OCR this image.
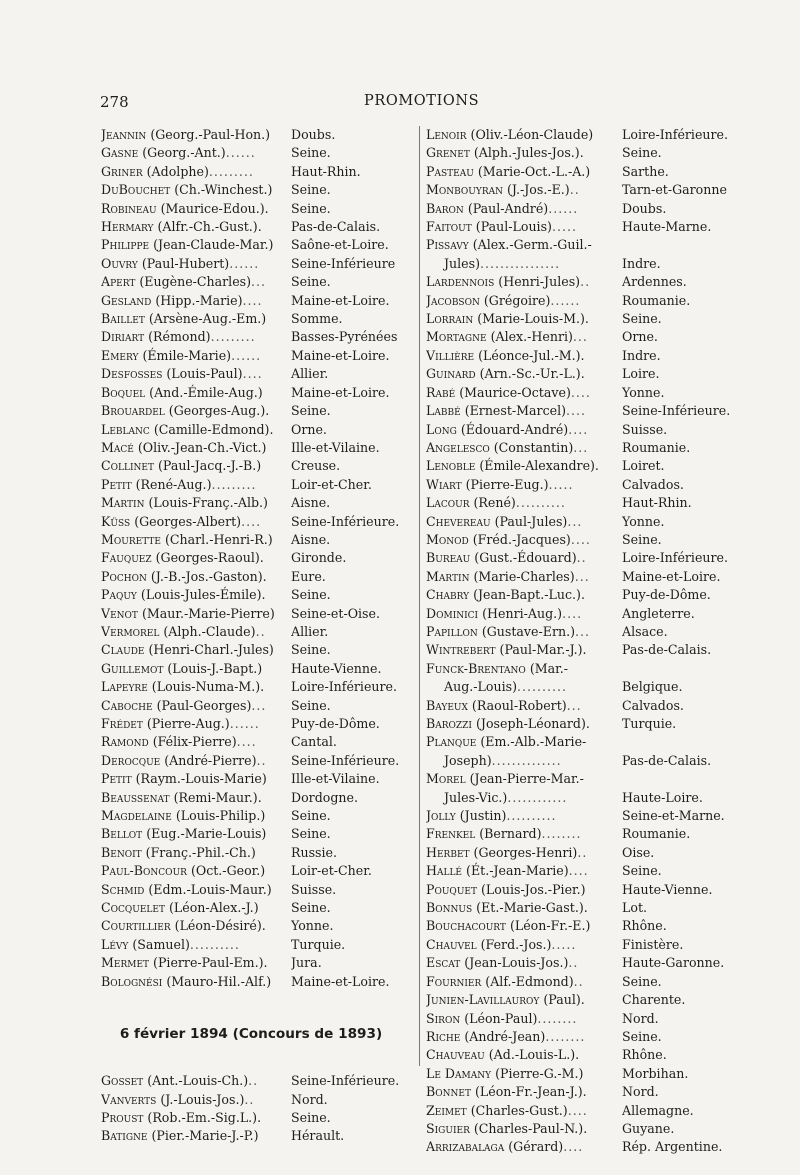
278	PROMOTIONS
Jeannin (Georg.-Paul-Hon.)	Doubs.
Gasne (Georg.-Ant.)......	Seine.
Griner (Adolphe).........	Haut-Rhin.
DuBouchet (Ch.-Winchest.)	Seine.
Robineau (Maurice-Edou.).	Seine.
Hermary (Alfr.-Ch.-Gust.).	Pas-de-Calais.
Philippe (Jean-Claude-Mar.)	Saône-et-Loire.
Ouvry (Paul-Hubert)......	Seine-Inférieure
Apert (Eugène-Charles)...	Seine.
Gesland (Hipp.-Marie)....	Maine-et-Loire.
Baillet (Arsène-Aug.-Em.)	Somme.
Diriart (Rémond).........	Basses-Pyrénées
Emery (Émile-Marie)......	Maine-et-Loire.
Desfosses (Louis-Paul)....	Allier.
Boquel (And.-Émile-Aug.)	Maine-et-Loire.
Brouardel (Georges-Aug.).	Seine.
Leblanc (Camille-Edmond).	Orne.
Macé (Oliv.-Jean-Ch.-Vict.)	Ille-et-Vilaine.
Collinet (Paul-Jacq.-J.-B.)	Creuse.
Petit (René-Aug.).........	Loir-et-Cher.
Martin (Louis-Franç.-Alb.)	Aisne.
Küss (Georges-Albert)....	Seine-Inférieure.
Mourette (Charl.-Henri-R.)	Aisne.
Fauquez (Georges-Raoul).	Gironde.
Pochon (J.-B.-Jos.-Gaston).	Eure.
Paquy (Louis-Jules-Émile).	Seine.
Venot (Maur.-Marie-Pierre)	Seine-et-Oise.
Vermorel (Alph.-Claude)..	Allier.
Claude (Henri-Charl.-Jules)	Seine.
Guillemot (Louis-J.-Bapt.)	Haute-Vienne.
Lapeyre (Louis-Numa-M.).	Loire-Inférieure.
Caboche (Paul-Georges)...	Seine.
Frédet (Pierre-Aug.)......	Puy-de-Dôme.
Ramond (Félix-Pierre)....	Cantal.
Derocque (André-Pierre)..	Seine-Inférieure.
Petit (Raym.-Louis-Marie)	Ille-et-Vilaine.
Beaussenat (Remi-Maur.).	Dordogne.
Magdelaine (Louis-Philip.)	Seine.
Bellot (Eug.-Marie-Louis)	Seine.
Benoit (Franç.-Phil.-Ch.)	Russie.
Paul-Boncour (Oct.-Geor.)	Loir-et-Cher.
Schmid (Edm.-Louis-Maur.)	Suisse.
Cocquelet (Léon-Alex.-J.)	Seine.
Courtillier (Léon-Désiré).	Yonne.
Lévy (Samuel)..........	Turquie.
Mermet (Pierre-Paul-Em.).	Jura.
Bolognési (Mauro-Hil.-Alf.)	Maine-et-Loire.
6 février 1894 (Concours de 1893)
Gosset (Ant.-Louis-Ch.)..	Seine-Inférieure.
Vanverts (J.-Louis-Jos.)..	Nord.
Proust (Rob.-Em.-Sig.L.).	Seine.
Batigne (Pier.-Marie-J.-P.)	Hérault.
Lenoir (Oliv.-Léon-Claude)	Loire-Inférieure.
Grenet (Alph.-Jules-Jos.).	Seine.
Pasteau (Marie-Oct.-L.-A.)	Sarthe.
Monbouyran (J.-Jos.-E.)..	Tarn-et-Garonne
Baron (Paul-André)......	Doubs.
Faitout (Paul-Louis).....	Haute-Marne.
Pissavy (Alex.-Germ.-Guil.-
Jules)................	Indre.
Lardennois (Henri-Jules)..	Ardennes.
Jacobson (Grégoire)......	Roumanie.
Lorrain (Marie-Louis-M.).	Seine.
Mortagne (Alex.-Henri)...	Orne.
Villière (Léonce-Jul.-M.).	Indre.
Guinard (Arn.-Sc.-Ur.-L.).	Loire.
Rabé (Maurice-Octave)....	Yonne.
Labbé (Ernest-Marcel)....	Seine-Inférieure.
Long (Édouard-André)....	Suisse.
Angelesco (Constantin)...	Roumanie.
Lenoble (Émile-Alexandre).	Loiret.
Wiart (Pierre-Eug.).....	Calvados.
Lacour (René)..........	Haut-Rhin.
Chevereau (Paul-Jules)...	Yonne.
Monod (Fréd.-Jacques)....	Seine.
Bureau (Gust.-Édouard)..	Loire-Inférieure.
Martin (Marie-Charles)...	Maine-et-Loire.
Chabry (Jean-Bapt.-Luc.).	Puy-de-Dôme.
Dominici (Henri-Aug.)....	Angleterre.
Papillon (Gustave-Ern.)...	Alsace.
Wintrebert (Paul-Mar.-J.).	Pas-de-Calais.
Funck-Brentano (Mar.-
Aug.-Louis)..........	Belgique.
Bayeux (Raoul-Robert)...	Calvados.
Barozzi (Joseph-Léonard).	Turquie.
Planque (Em.-Alb.-Marie-
Joseph)..............	Pas-de-Calais.
Morel (Jean-Pierre-Mar.-
Jules-Vic.)............	Haute-Loire.
Jolly (Justin)..........	Seine-et-Marne.
Frenkel (Bernard)........	Roumanie.
Herbet (Georges-Henri)..	Oise.
Hallé (Ét.-Jean-Marie)....	Seine.
Pouquet (Louis-Jos.-Pier.)	Haute-Vienne.
Bonnus (Et.-Marie-Gast.).	Lot.
Bouchacourt (Léon-Fr.-E.)	Rhône.
Chauvel (Ferd.-Jos.).....	Finistère.
Escat (Jean-Louis-Jos.)..	Haute-Garonne.
Fournier (Alf.-Edmond)..	Seine.
Junien-Lavillauroy (Paul).	Charente.
Siron (Léon-Paul)........	Nord.
Riche (André-Jean)........	Seine.
Chauveau (Ad.-Louis-L.).	Rhône.
Le Damany (Pierre-G.-M.)	Morbihan.
Bonnet (Léon-Fr.-Jean-J.).	Nord.
Zeimet (Charles-Gust.)....	Allemagne.
Siguier (Charles-Paul-N.).	Guyane.
Arrizabalaga (Gérard)....	Rép. Argentine.
